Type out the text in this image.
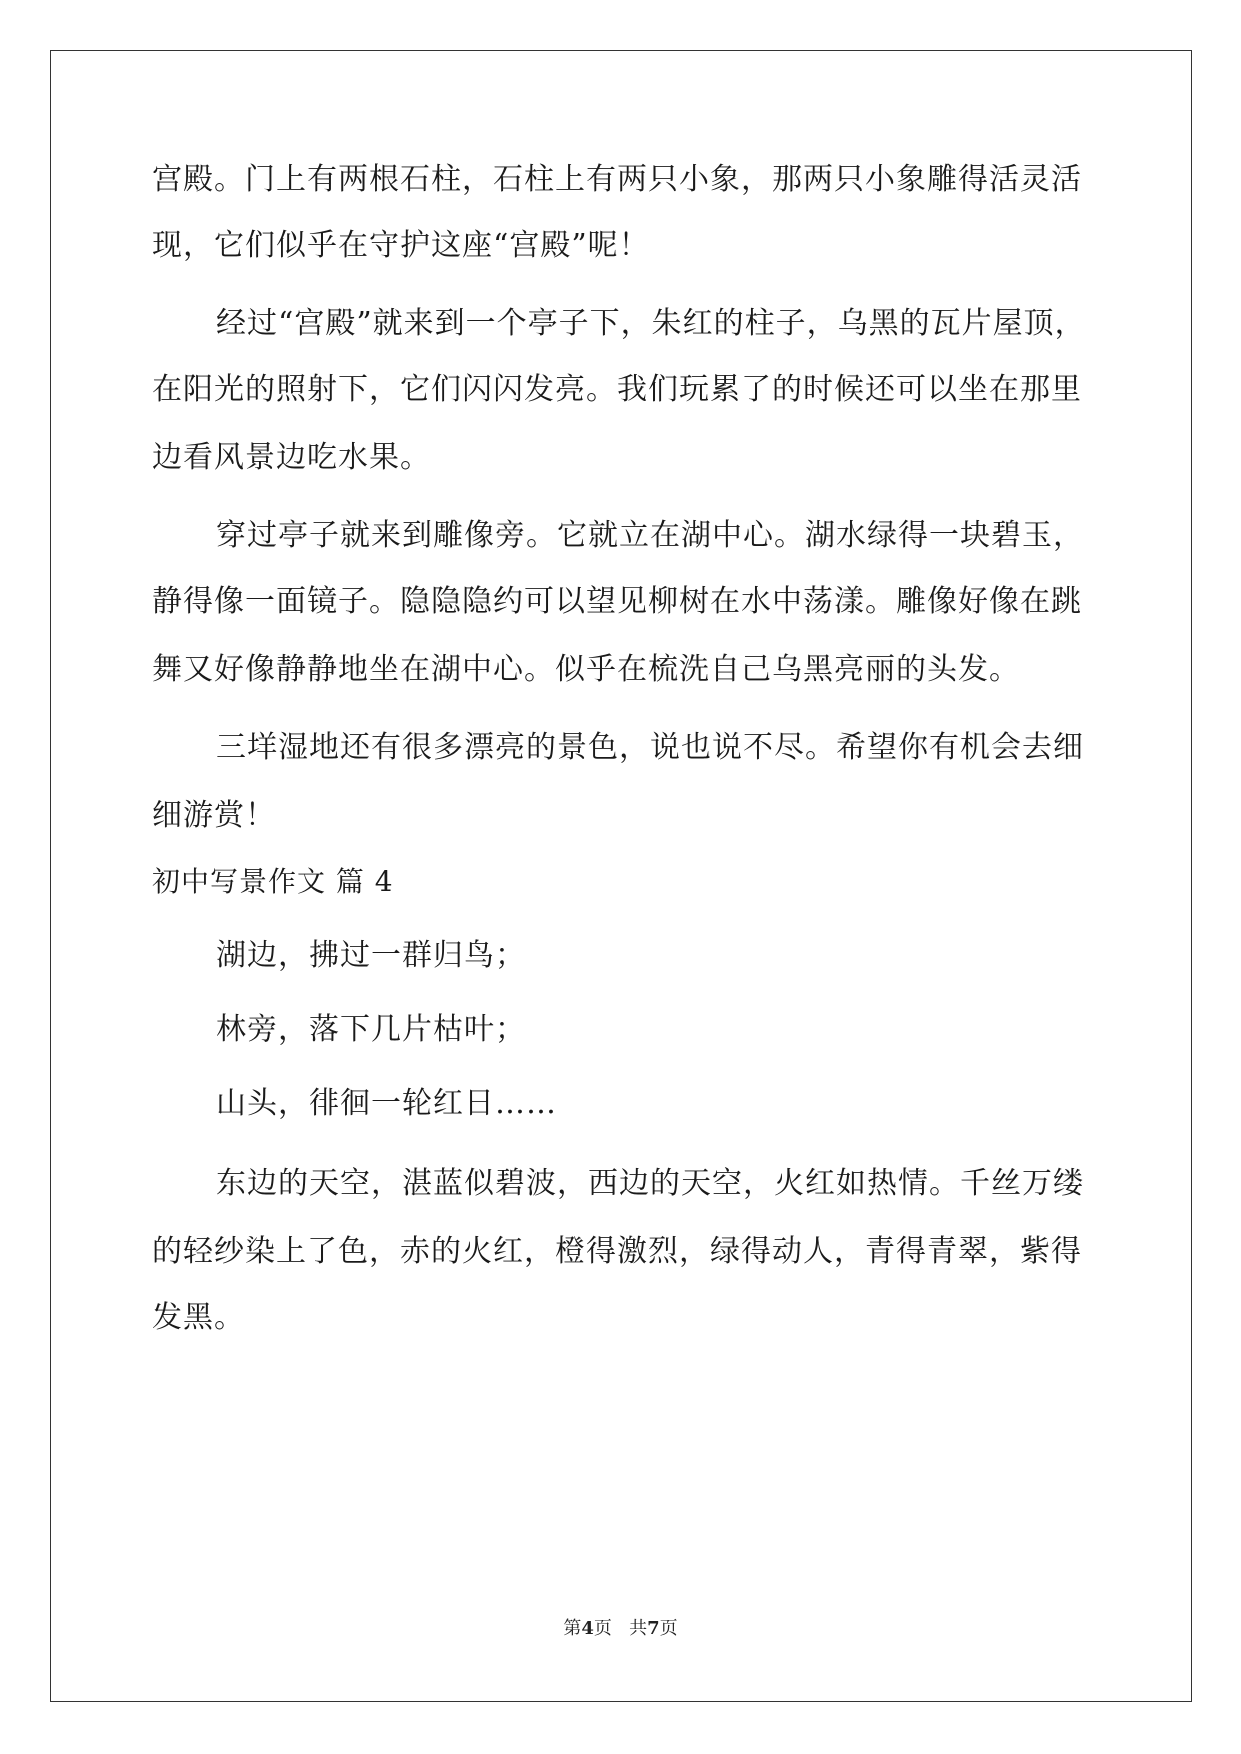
宫殿。门上有两根石柱，石柱上有两只小象，那两只小象雕得活灵活
现，它们似乎在守护这座“宫殿”呢！
经过“宫殿”就来到一个亭子下，朱红的柱子，乌黑的瓦片屋顶，
在阳光的照射下，它们闪闪发亮。我们玩累了的时候还可以坐在那里
边看风景边吃水果。
穿过亭子就来到雕像旁。它就立在湖中心。湖水绿得一块碧玉，
静得像一面镜子。隐隐隐约可以望见柳树在水中荡漾。雕像好像在跳
舞又好像静静地坐在湖中心。似乎在梳洗自己乌黑亮丽的头发。
三垟湿地还有很多漂亮的景色，说也说不尽。希望你有机会去细
细游赏！
初中写景作文 篇 4
湖边，拂过一群归鸟；
林旁，落下几片枯叶；
山头，徘徊一轮红日……
东边的天空，湛蓝似碧波，西边的天空，火红如热情。千丝万缕
的轻纱染上了色，赤的火红，橙得激烈，绿得动人，青得青翠，紫得
发黑。
第4页   共7页
